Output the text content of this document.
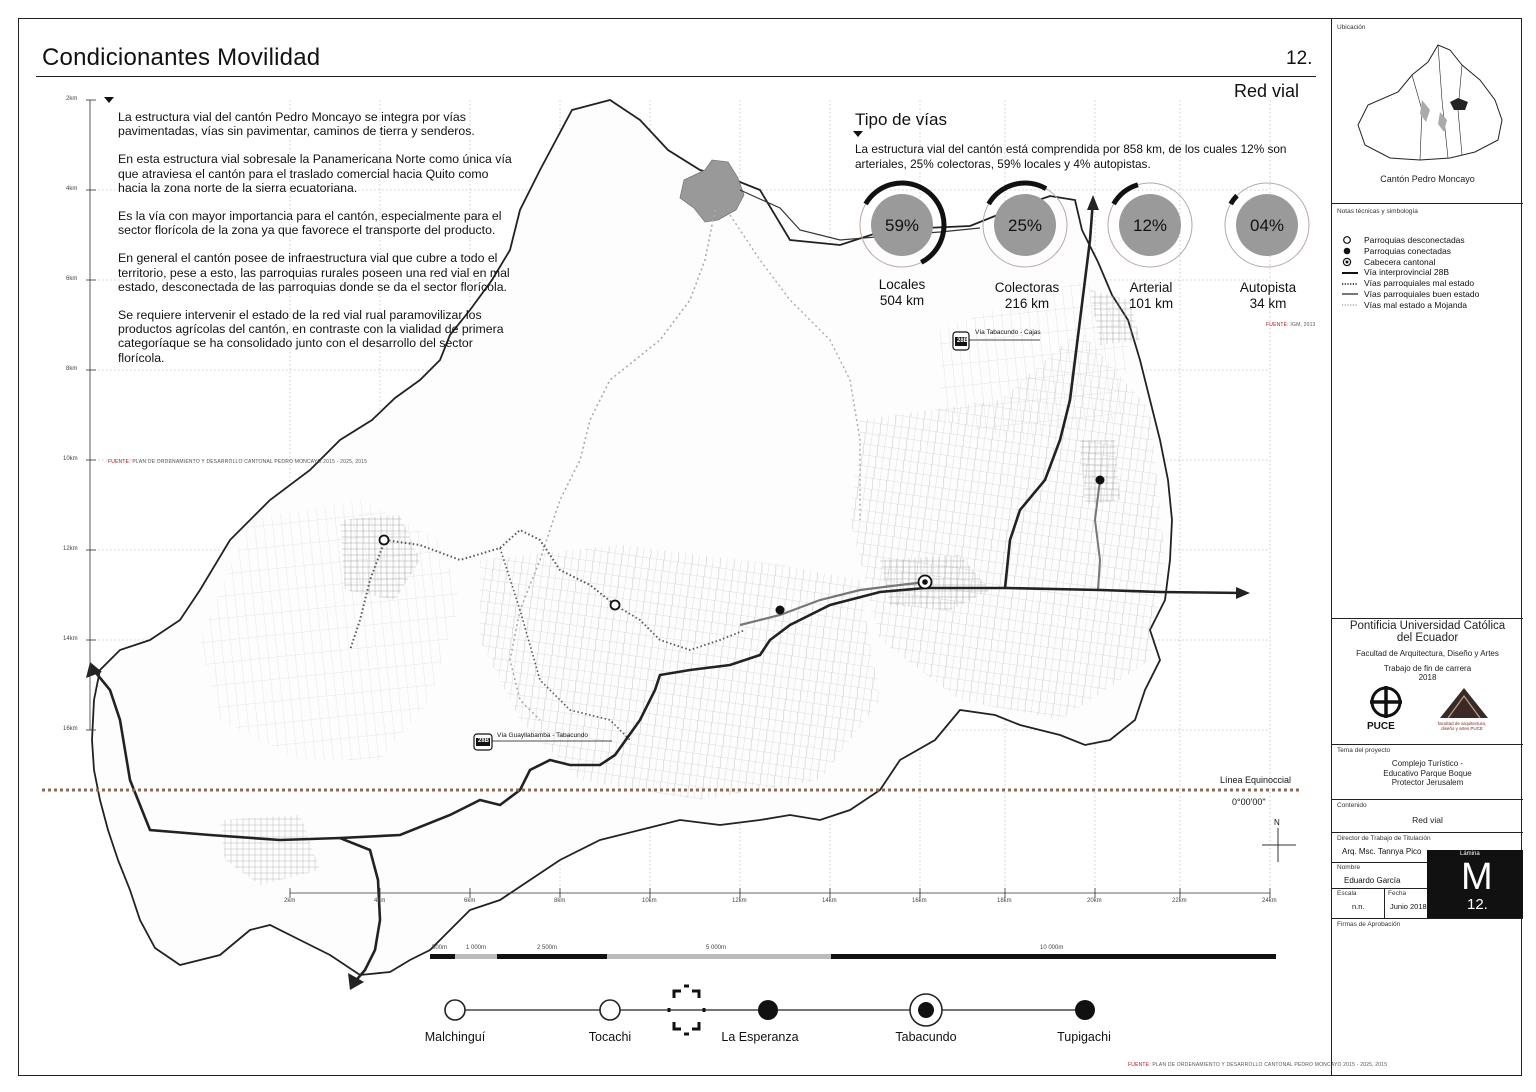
Condicionantes Movilidad	12.
Red vial
59%	25%	12%	04%

La estructura vial del cantón Pedro Moncayo se integra por vías pavimentadas, vías sin pavimentar, caminos de tierra y senderos.

En esta estructura vial sobresale la Panamericana Norte como única vía que atraviesa el cantón para el traslado comercial hacia Quito como hacia la zona norte de la sierra ecuatoriana.

Es la vía con mayor importancia para el cantón, especialmente para el sector florícola de la zona ya que favorece el transporte del producto.

En general el cantón posee de infraestructura vial que cubre a todo el territorio, pese a esto, las parroquias rurales poseen una red vial en mal estado, desconectada de las parroquias donde se da el sector florícola.

Se requiere intervenir el estado de la red vial rual paramovilizar los productos agrícolas del cantón, en contraste con la vialidad de primera categoríaque se ha consolidado junto con el desarrollo del sector florícola.

FUENTE: PLAN DE ORDENAMIENTO Y DESARROLLO CANTONAL PEDRO MONCAYO 2015 - 2025, 2015
Tipo de vías
La estructura vial del cantón está comprendida por 858 km, de los cuales 12% son arteriales, 25% colectoras, 59% locales y 4% autopistas.
FUENTE: IGM, 2013
Locales
504 km
Colectoras
216 km
Arterial
101 km
Autopista
34 km
Vía Tabacundo - Cajas
28B
Vía Guayllabamba - Tabacundo
28B
Línea Equinoccial
0°00'00"
N
2km
4km
6km
8km
10km
12km
14km
16km
2km	4km	6km	8km	10km	12km	14km	16km	18km	20km	22km	24km
500m	1 000m	2 500m	5 000m	10 000m
Malchinguí	Tocachi	La Esperanza	Tabacundo	Tupigachi
FUENTE: PLAN DE ORDENAMIENTO Y DESARROLLO CANTONAL PEDRO MONCAYO 2015 - 2025, 2015
Ubicación
Cantón Pedro Moncayo
Notas técnicas y simbología
Parroquias desconectadas
Parroquias conectadas
Cabecera cantonal
Vía interprovincial 28B
Vías parroquiales mal estado
Vías parroquiales buen estado
Vías mal estado a Mojanda
Pontificia Universidad Católica del Ecuador
Facultad de Arquitectura, Diseño y Artes
Trabajo de fin de carrera
2018
PUCE	facultad de arquitectura, diseño y artes PUCE
Tema del proyecto
Complejo Turístico - Educativo Parque Boque Protector Jerusalem
Contenido
Red vial
Director de Trabajo de Titulación
Arq. Msc. Tannya Pico	Lámina
M
12.
Nombre
Eduardo García
Escala
n.n.
Fecha
Junio 2018
Firmas de Aprobación
